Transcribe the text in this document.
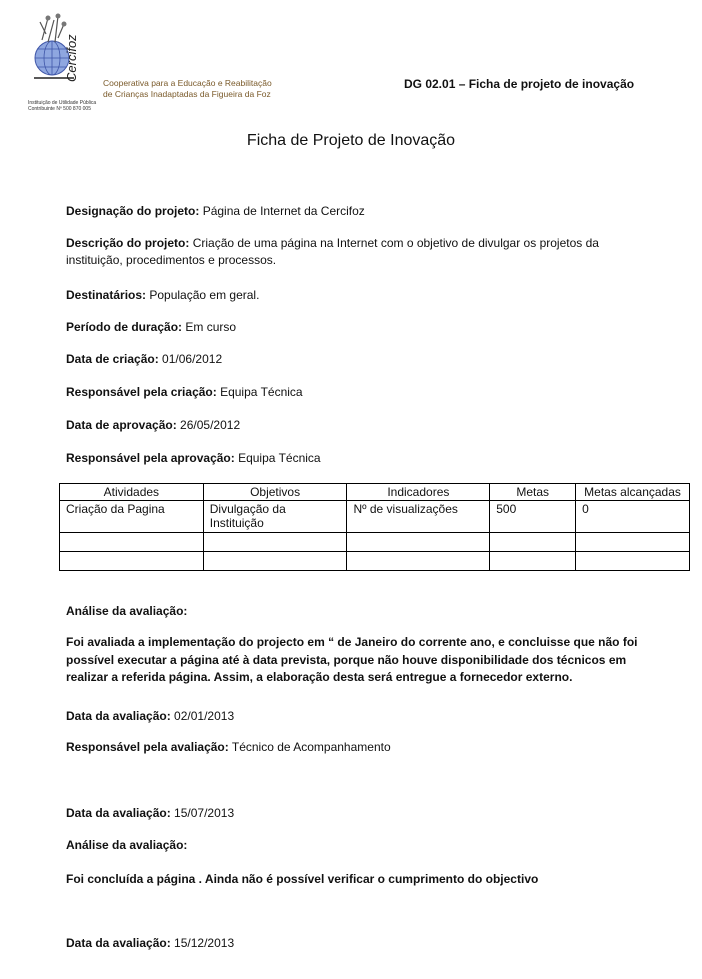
Cercifoz
Cooperativa para a Educação e Reabilitação
de Crianças Inadaptadas da Figueira da Foz
Instituição de Utilidade Pública
Contribuinte Nº 500 870 005
DG 02.01 – Ficha de projeto de inovação
Ficha de Projeto de Inovação
Designação do projeto: Página de Internet da Cercifoz
Descrição do projeto: Criação de uma página na Internet com o objetivo de divulgar os projetos da instituição, procedimentos e processos.
Destinatários: População em geral.
Período de duração: Em curso
Data de criação: 01/06/2012
Responsável pela criação: Equipa Técnica
Data de aprovação: 26/05/2012
Responsável pela aprovação: Equipa Técnica
Atividades	Objetivos	Indicadores	Metas	Metas alcançadas
Criação da Pagina	Divulgação da Instituição	Nº de visualizações	500	0

Análise da avaliação:
Foi avaliada a implementação do projecto em “ de Janeiro do corrente ano, e concluisse que não foi possível executar a página até à data prevista, porque não houve disponibilidade dos técnicos em realizar a referida página. Assim, a elaboração desta será entregue a fornecedor externo.
Data da avaliação: 02/01/2013
Responsável pela avaliação: Técnico de Acompanhamento
Data da avaliação: 15/07/2013
Análise da avaliação:
Foi concluída a página . Ainda não é possível verificar o cumprimento do objectivo
Data da avaliação: 15/12/2013
